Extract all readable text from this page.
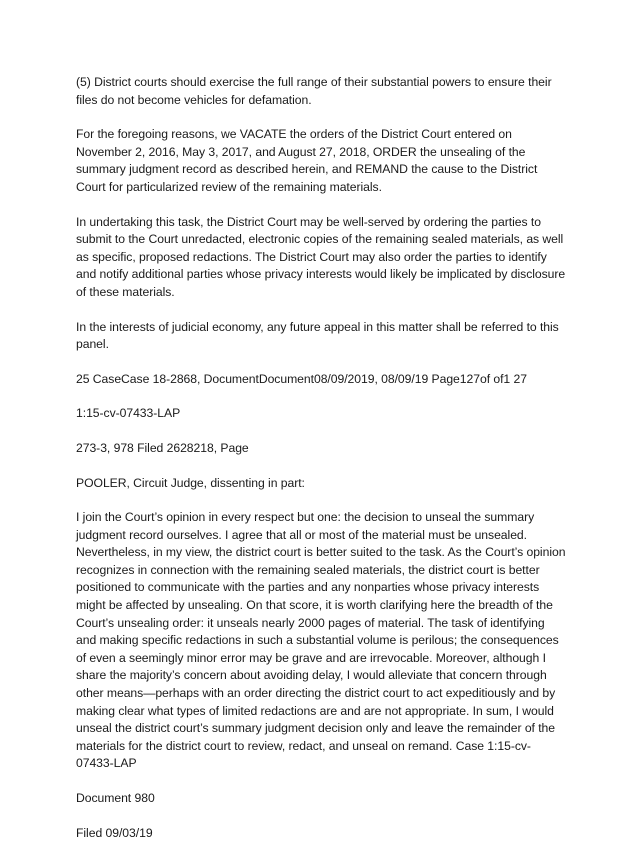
(5) District courts should exercise the full range of their substantial powers to ensure their files do not become vehicles for defamation.

For the foregoing reasons, we VACATE the orders of the District Court entered on November 2, 2016, May 3, 2017, and August 27, 2018, ORDER the unsealing of the summary judgment record as described herein, and REMAND the cause to the District Court for particularized review of the remaining materials.

In undertaking this task, the District Court may be well-served by ordering the parties to submit to the Court unredacted, electronic copies of the remaining sealed materials, as well as specific, proposed redactions. The District Court may also order the parties to identify and notify additional parties whose privacy interests would likely be implicated by disclosure of these materials.

In the interests of judicial economy, any future appeal in this matter shall be referred to this panel.

25 CaseCase 18-2868, DocumentDocument08/09/2019, 08/09/19 Page127of of1 27

1:15-cv-07433-LAP

273-3, 978 Filed 2628218, Page

POOLER, Circuit Judge, dissenting in part:

I join the Court’s opinion in every respect but one: the decision to unseal the summary judgment record ourselves. I agree that all or most of the material must be unsealed. Nevertheless, in my view, the district court is better suited to the task. As the Court’s opinion recognizes in connection with the remaining sealed materials, the district court is better positioned to communicate with the parties and any nonparties whose privacy interests might be affected by unsealing. On that score, it is worth clarifying here the breadth of the Court’s unsealing order: it unseals nearly 2000 pages of material. The task of identifying and making specific redactions in such a substantial volume is perilous; the consequences of even a seemingly minor error may be grave and are irrevocable. Moreover, although I share the majority’s concern about avoiding delay, I would alleviate that concern through other means—perhaps with an order directing the district court to act expeditiously and by making clear what types of limited redactions are and are not appropriate. In sum, I would unseal the district court’s summary judgment decision only and leave the remainder of the materials for the district court to review, redact, and unseal on remand. Case 1:15-cv-07433-LAP

Document 980

Filed 09/03/19
